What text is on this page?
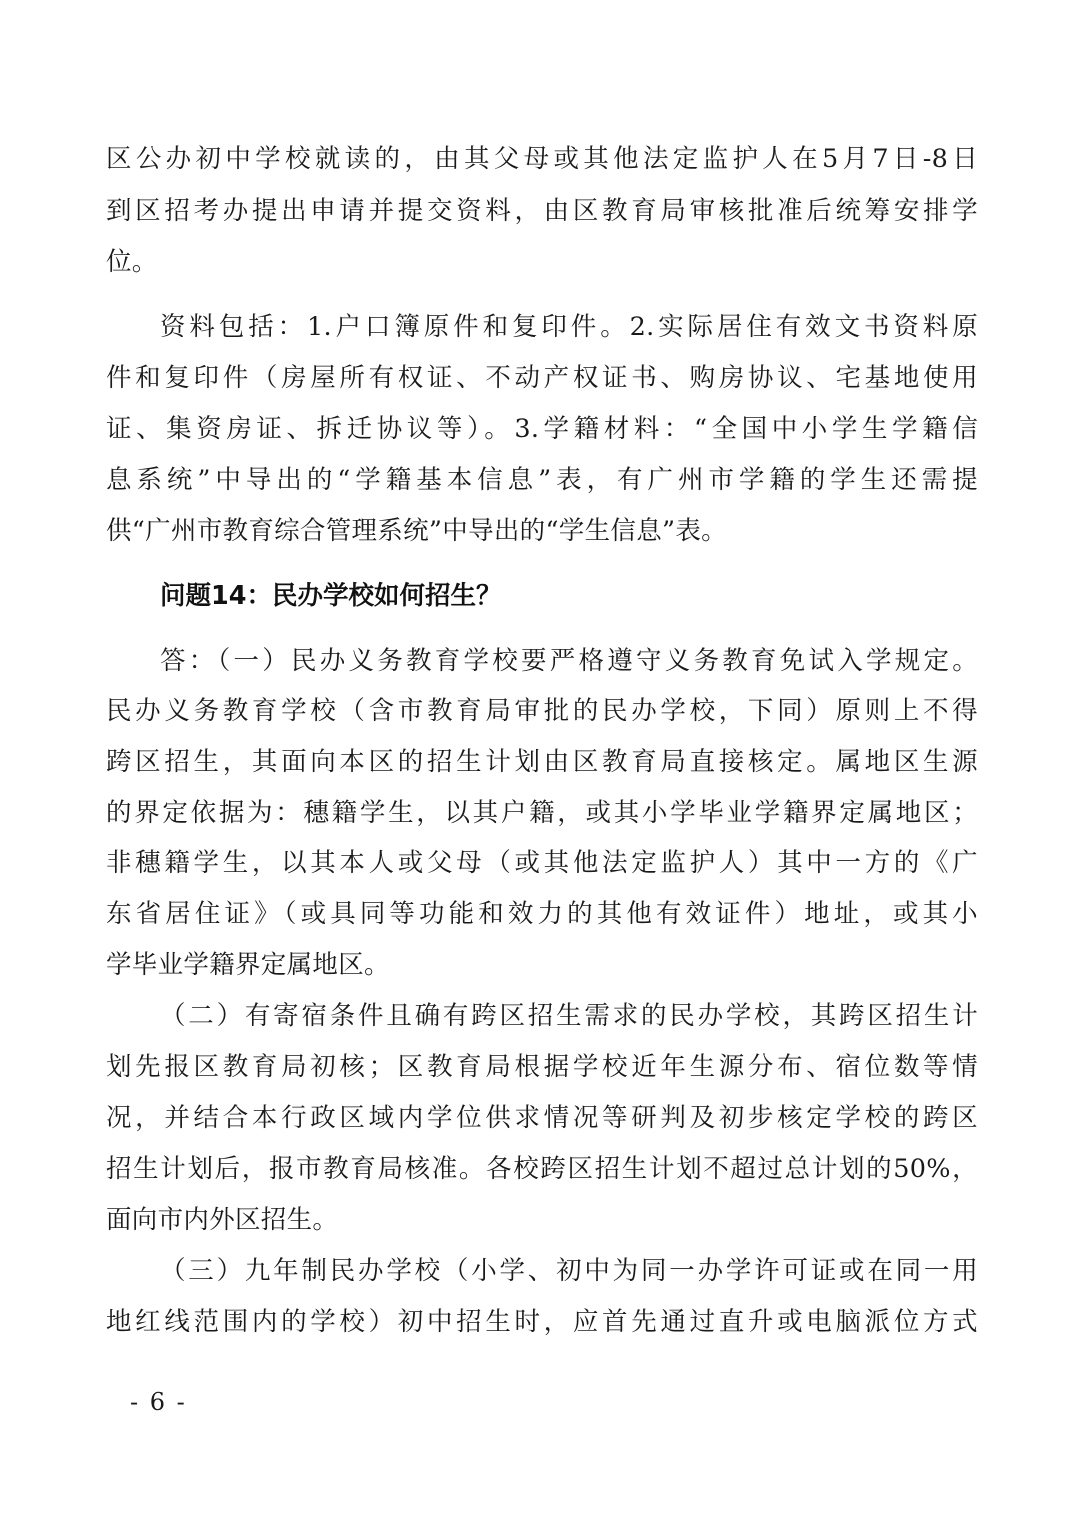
区公办初中学校就读的，由其父母或其他法定监护人在5月7日-8日
到区招考办提出申请并提交资料，由区教育局审核批准后统筹安排学
位。
资料包括：1.户口簿原件和复印件。2.实际居住有效文书资料原
件和复印件（房屋所有权证、不动产权证书、购房协议、宅基地使用
证、集资房证、拆迁协议等）。3.学籍材料：“全国中小学生学籍信
息系统”中导出的“学籍基本信息”表，有广州市学籍的学生还需提
供“广州市教育综合管理系统”中导出的“学生信息”表。
问题14：民办学校如何招生？
答：（一）民办义务教育学校要严格遵守义务教育免试入学规定。
民办义务教育学校（含市教育局审批的民办学校，下同）原则上不得
跨区招生，其面向本区的招生计划由区教育局直接核定。属地区生源
的界定依据为：穗籍学生，以其户籍，或其小学毕业学籍界定属地区；
非穗籍学生，以其本人或父母（或其他法定监护人）其中一方的《广
东省居住证》（或具同等功能和效力的其他有效证件）地址，或其小
学毕业学籍界定属地区。
（二）有寄宿条件且确有跨区招生需求的民办学校，其跨区招生计
划先报区教育局初核；区教育局根据学校近年生源分布、宿位数等情
况，并结合本行政区域内学位供求情况等研判及初步核定学校的跨区
招生计划后，报市教育局核准。各校跨区招生计划不超过总计划的50%，
面向市内外区招生。
（三）九年制民办学校（小学、初中为同一办学许可证或在同一用
地红线范围内的学校）初中招生时，应首先通过直升或电脑派位方式
- 6 -
